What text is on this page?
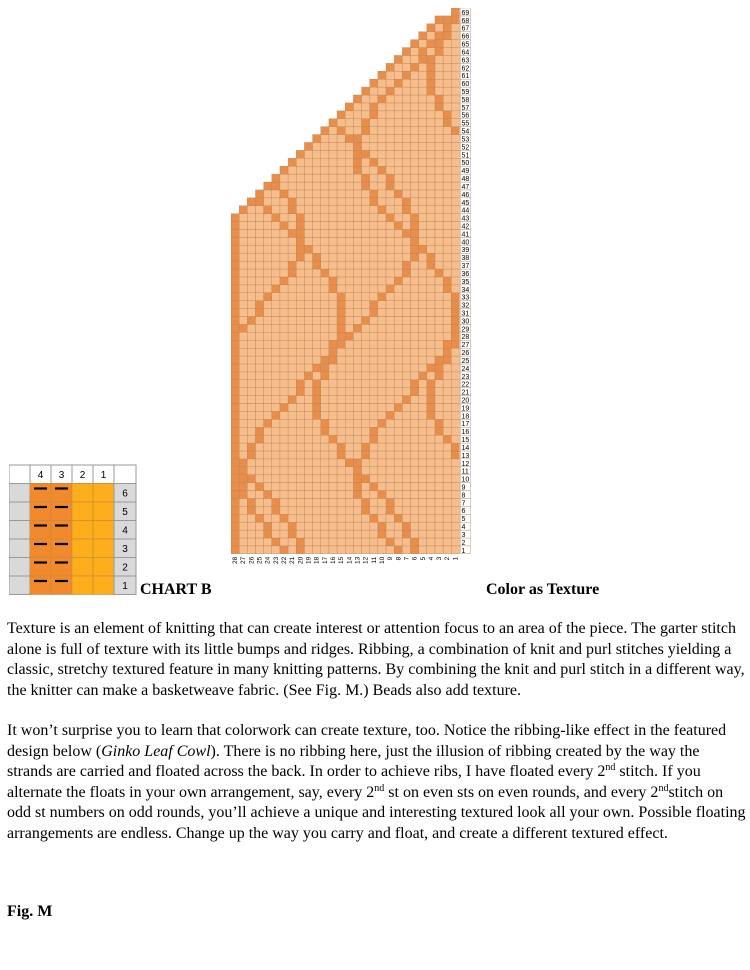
4 3 2 1
6
5
4
3
2
1
1
2
3
4
5
6
7
8
9
10
11
12
13
14
15
16
17
18
19
20
21
22
23
24
25
26
27
28
29
30
31
32
33
34
35
36
37
38
39
40
41
42
43
44
45
46
47
48
49
50
51
52
53
54
55
56
57
58
59
60
61
62
63
64
65
66
67
68
69
28 27 26 25 24 23 22 21 20 19 18 17 16 15 14 13 12 11 10 9 8 7 6 5 4 3 2 1
CHART B	Color as Texture

Texture is an element of knitting that can create interest or attention focus to an area of the piece. The garter stitch alone is full of texture with its little bumps and ridges. Ribbing, a combination of knit and purl stitches yielding a classic, stretchy textured feature in many knitting patterns. By combining the knit and purl stitch in a different way, the knitter can make a basketweave fabric. (See Fig. M.) Beads also add texture.

It won’t surprise you to learn that colorwork can create texture, too. Notice the ribbing-like effect in the featured design below (Ginko Leaf Cowl). There is no ribbing here, just the illusion of ribbing created by the way the strands are carried and floated across the back. In order to achieve ribs, I have floated every 2nd stitch. If you alternate the floats in your own arrangement, say, every 2nd st on even sts on even rounds, and every 2ndstitch on odd st numbers on odd rounds, you’ll achieve a unique and interesting textured look all your own. Possible floating arrangements are endless. Change up the way you carry and float, and create a different textured effect.

Fig. M
